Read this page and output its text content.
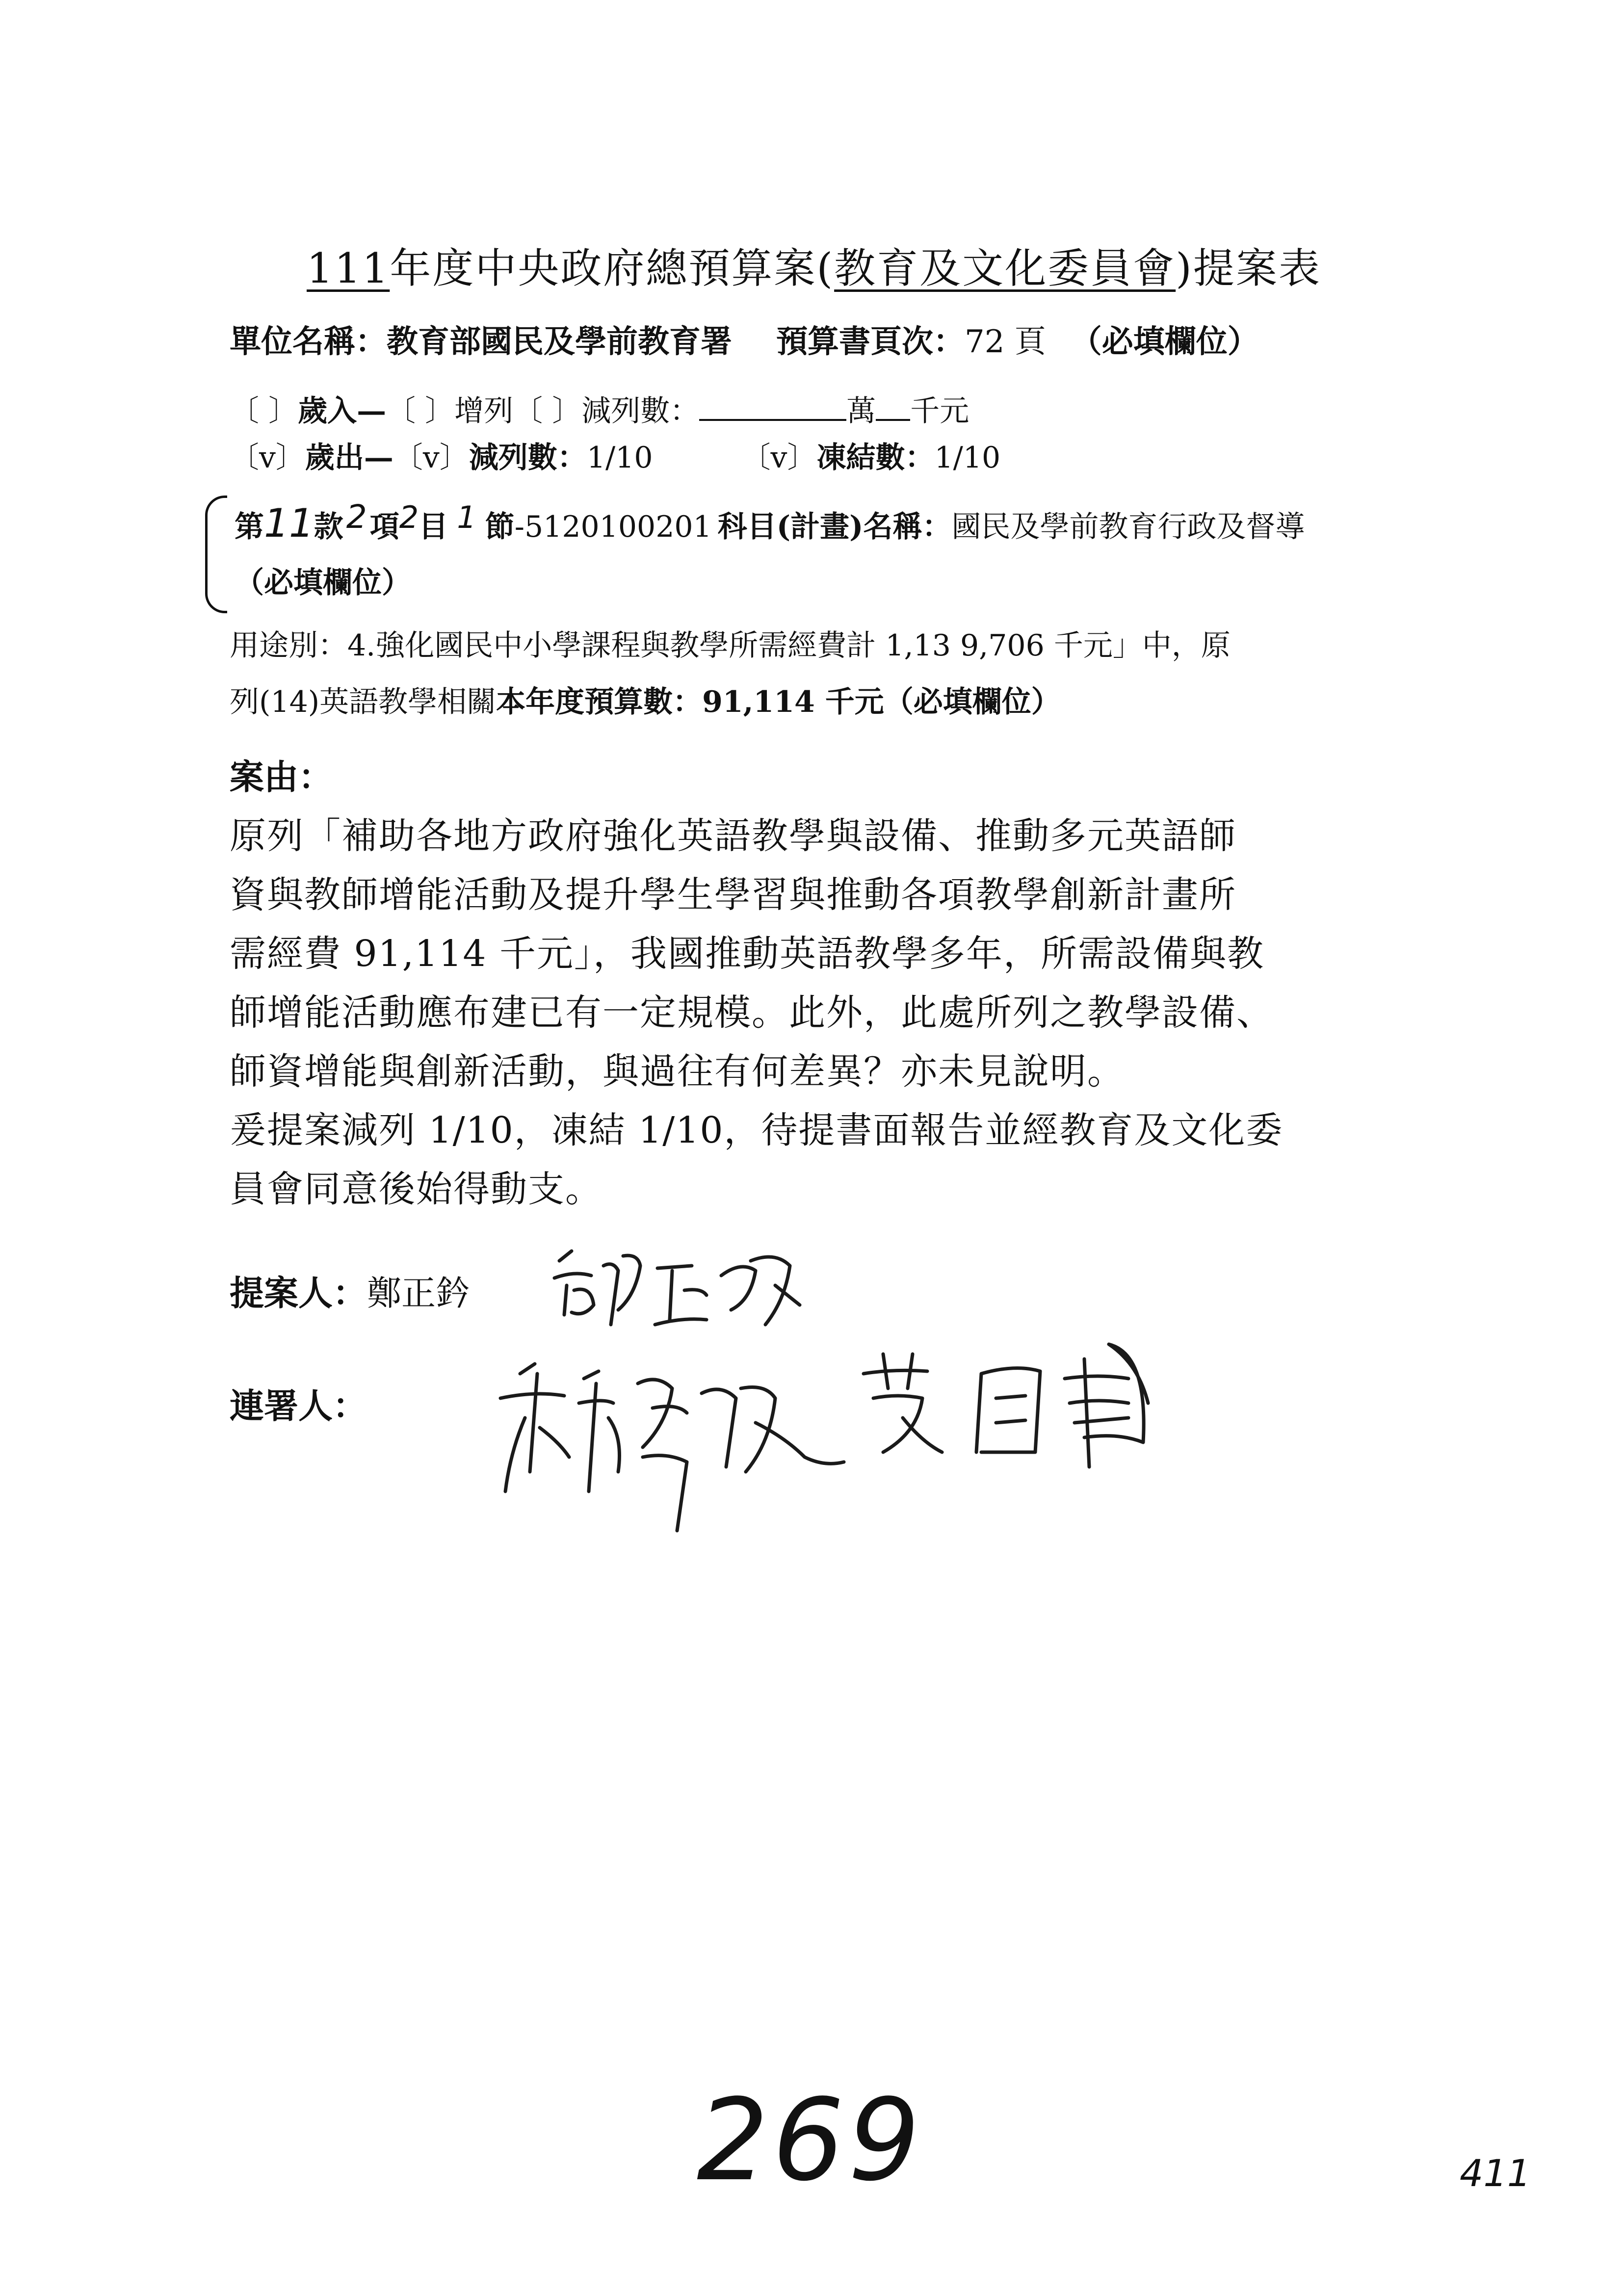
111年度中央政府總預算案(教育及文化委員會)提案表
單位名稱：教育部國民及學前教育署 預算書頁次：72 頁 （必填欄位）
〔 〕歲入—〔 〕增列〔 〕減列數：	萬 千元
〔v〕歲出—〔v〕減列數：1/10	〔v〕凍結數：1/10
第11款2 項2目 1 節-5120100201 科目(計畫)名稱：國民及學前教育行政及督導
（必填欄位）
用途別：4.強化國民中小學課程與教學所需經費計 1,13 9,706 千元」中，原
列(14)英語教學相關本年度預算數：91,114 千元（必填欄位）
案由：
原列「補助各地方政府強化英語教學與設備、推動多元英語師
資與教師增能活動及提升學生學習與推動各項教學創新計畫所
需經費 91,114 千元」，我國推動英語教學多年，所需設備與教
師增能活動應布建已有一定規模。此外，此處所列之教學設備、
師資增能與創新活動，與過往有何差異？亦未見說明。
爰提案減列 1/10，凍結 1/10，待提書面報告並經教育及文化委
員會同意後始得動支。
提案人：鄭正鈐
連署人：
269	411
